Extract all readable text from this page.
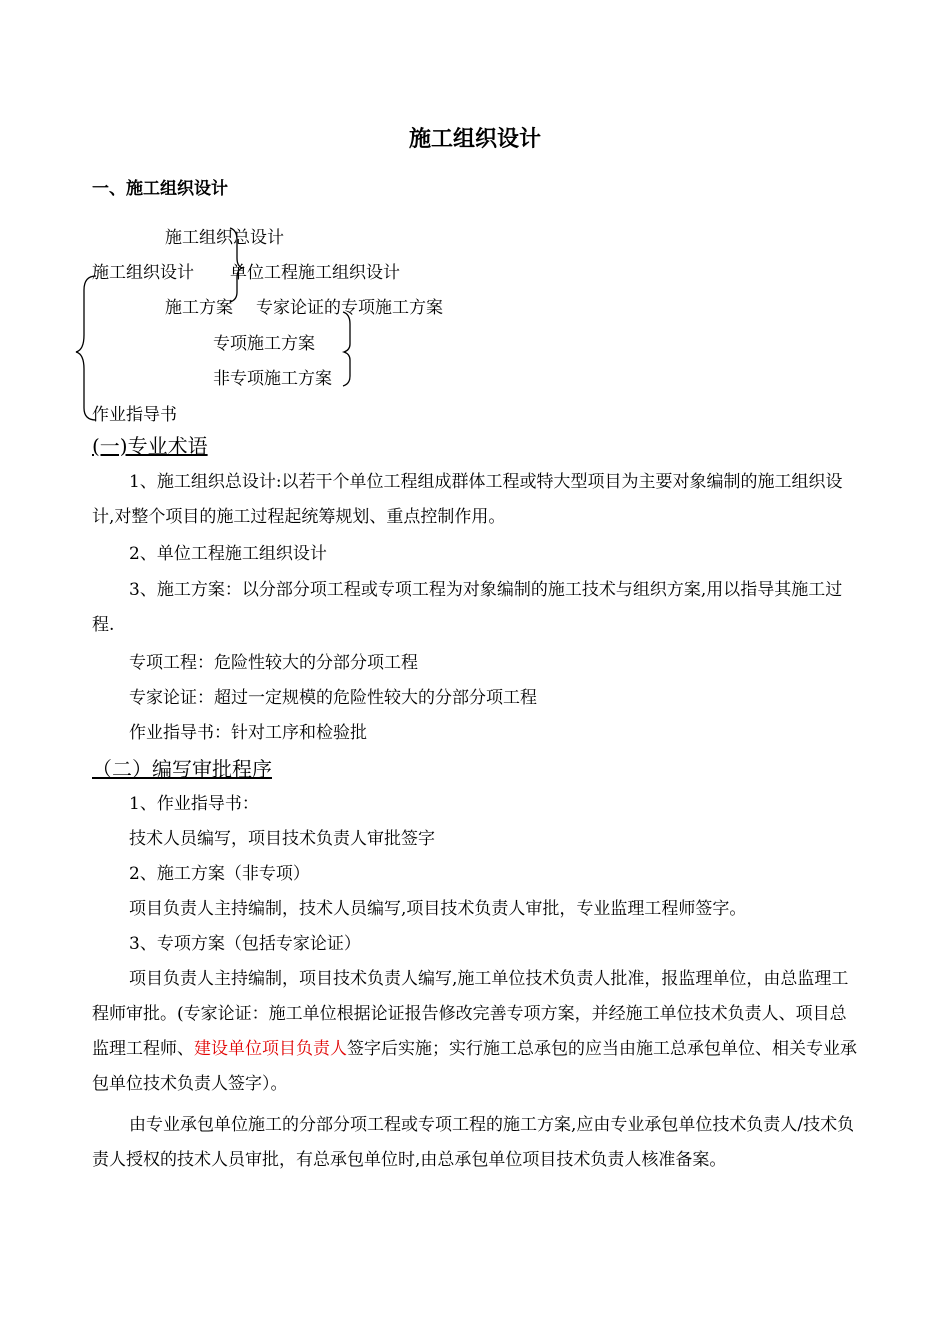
施工组织设计
一、施工组织设计
施工组织总设计
施工组织设计 单位工程施工组织设计
施工方案 专家论证的专项施工方案
专项施工方案
非专项施工方案
作业指导书
(一)专业术语
1、施工组织总设计:以若干个单位工程组成群体工程或特大型项目为主要对象编制的施工组织设计,对整个项目的施工过程起统筹规划、重点控制作用。
2、单位工程施工组织设计
3、施工方案：以分部分项工程或专项工程为对象编制的施工技术与组织方案,用以指导其施工过程.
专项工程：危险性较大的分部分项工程
专家论证：超过一定规模的危险性较大的分部分项工程
作业指导书：针对工序和检验批
（二）编写审批程序
1、作业指导书：
技术人员编写，项目技术负责人审批签字
2、施工方案（非专项）
项目负责人主持编制，技术人员编写,项目技术负责人审批，专业监理工程师签字。
3、专项方案（包括专家论证）
项目负责人主持编制，项目技术负责人编写,施工单位技术负责人批准，报监理单位，由总监理工程师审批。(专家论证：施工单位根据论证报告修改完善专项方案，并经施工单位技术负责人、项目总监理工程师、建设单位项目负责人签字后实施；实行施工总承包的应当由施工总承包单位、相关专业承包单位技术负责人签字）。
由专业承包单位施工的分部分项工程或专项工程的施工方案,应由专业承包单位技术负责人/技术负责人授权的技术人员审批，有总承包单位时,由总承包单位项目技术负责人核准备案。
